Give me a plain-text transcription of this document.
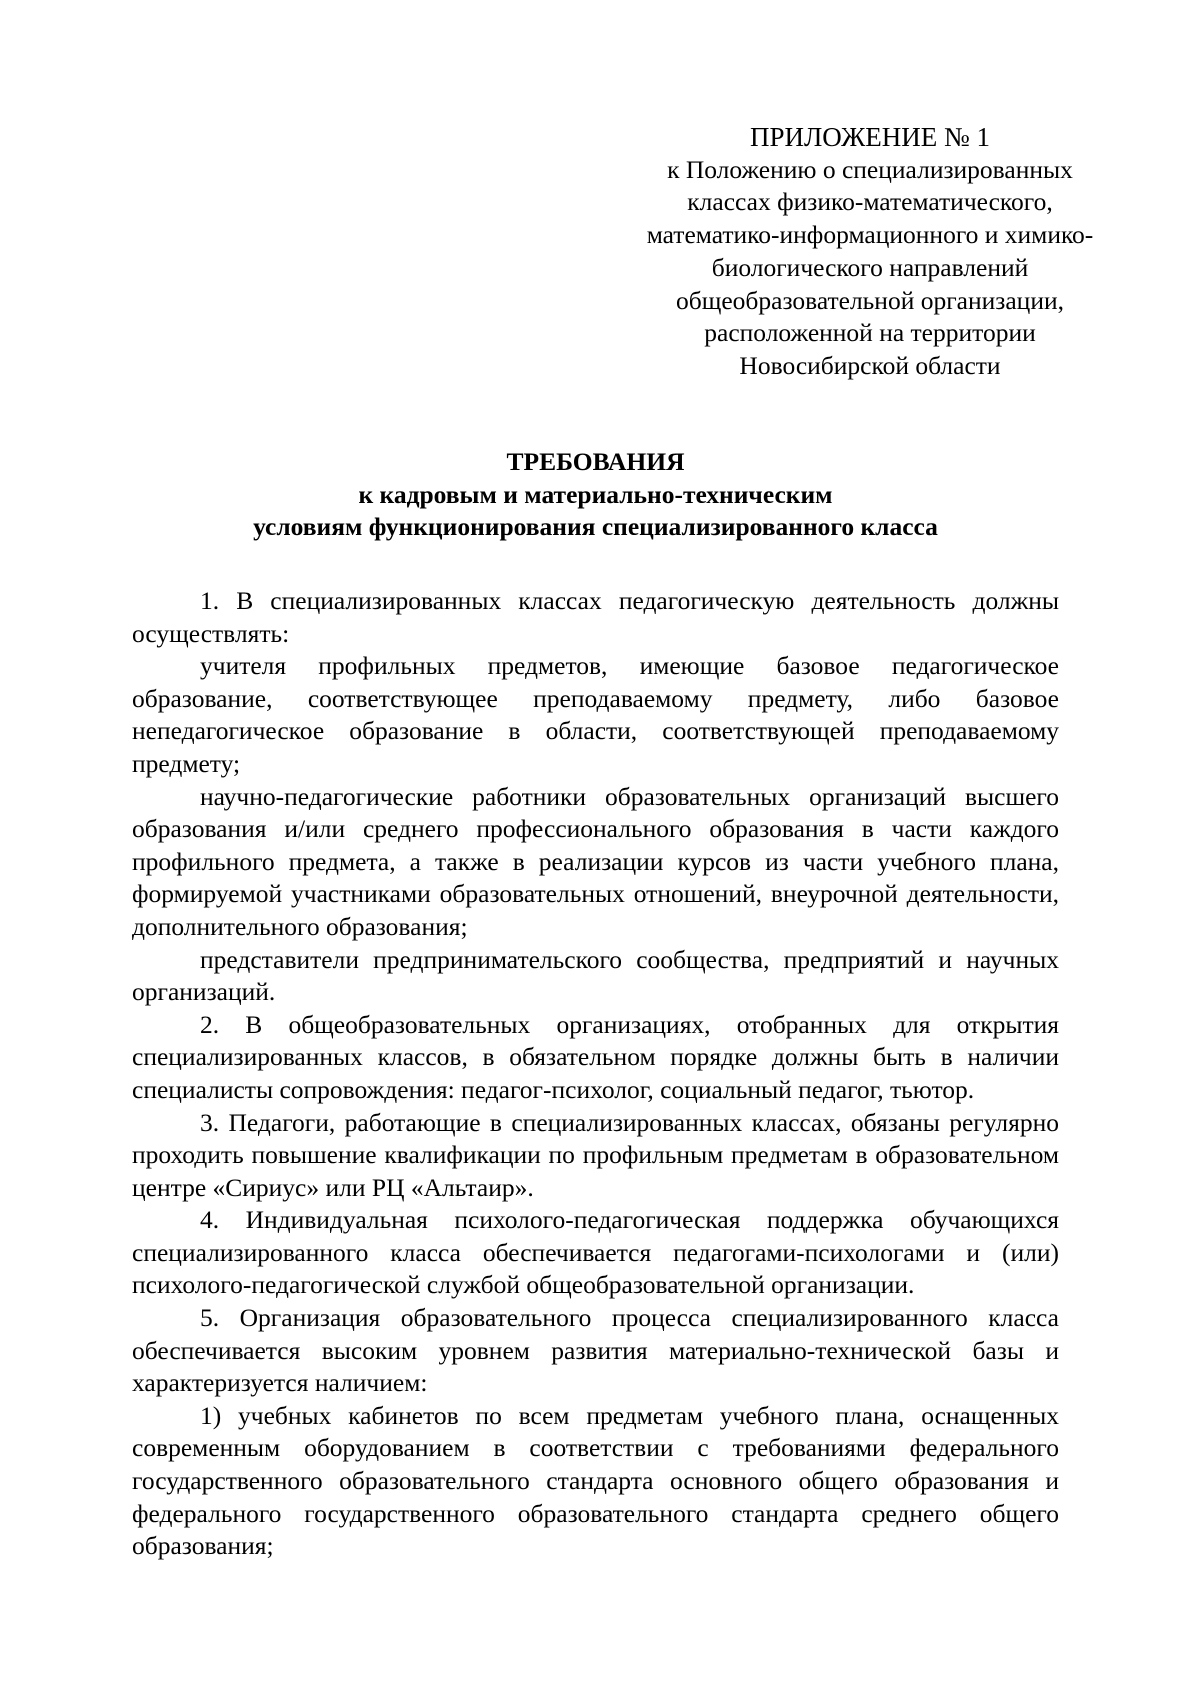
ПРИЛОЖЕНИЕ № 1
к Положению о специализированных
классах физико-математического,
математико-информационного и химико-
биологического направлений
общеобразовательной организации,
расположенной на территории
Новосибирской области
ТРЕБОВАНИЯ
к кадровым и материально-техническим
условиям функционирования специализированного класса

1. В специализированных классах педагогическую деятельность должны осуществлять:

учителя профильных предметов, имеющие базовое педагогическое образование, соответствующее преподаваемому предмету, либо базовое непедагогическое образование в области, соответствующей преподаваемому предмету;

научно-педагогические работники образовательных организаций высшего образования и/или среднего профессионального образования в части каждого профильного предмета, а также в реализации курсов из части учебного плана, формируемой участниками образовательных отношений, внеурочной деятельности, дополнительного образования;

представители предпринимательского сообщества, предприятий и научных организаций.

2. В общеобразовательных организациях, отобранных для открытия специализированных классов, в обязательном порядке должны быть в наличии специалисты сопровождения: педагог-психолог, социальный педагог, тьютор.

3. Педагоги, работающие в специализированных классах, обязаны регулярно проходить повышение квалификации по профильным предметам в образовательном центре «Сириус» или РЦ «Альтаир».

4. Индивидуальная психолого-педагогическая поддержка обучающихся специализированного класса обеспечивается педагогами-психологами и (или) психолого-педагогической службой общеобразовательной организации.

5. Организация образовательного процесса специализированного класса обеспечивается высоким уровнем развития материально-технической базы и характеризуется наличием:

1) учебных кабинетов по всем предметам учебного плана, оснащенных современным оборудованием в соответствии с требованиями федерального государственного образовательного стандарта основного общего образования и федерального государственного образовательного стандарта среднего общего образования;
